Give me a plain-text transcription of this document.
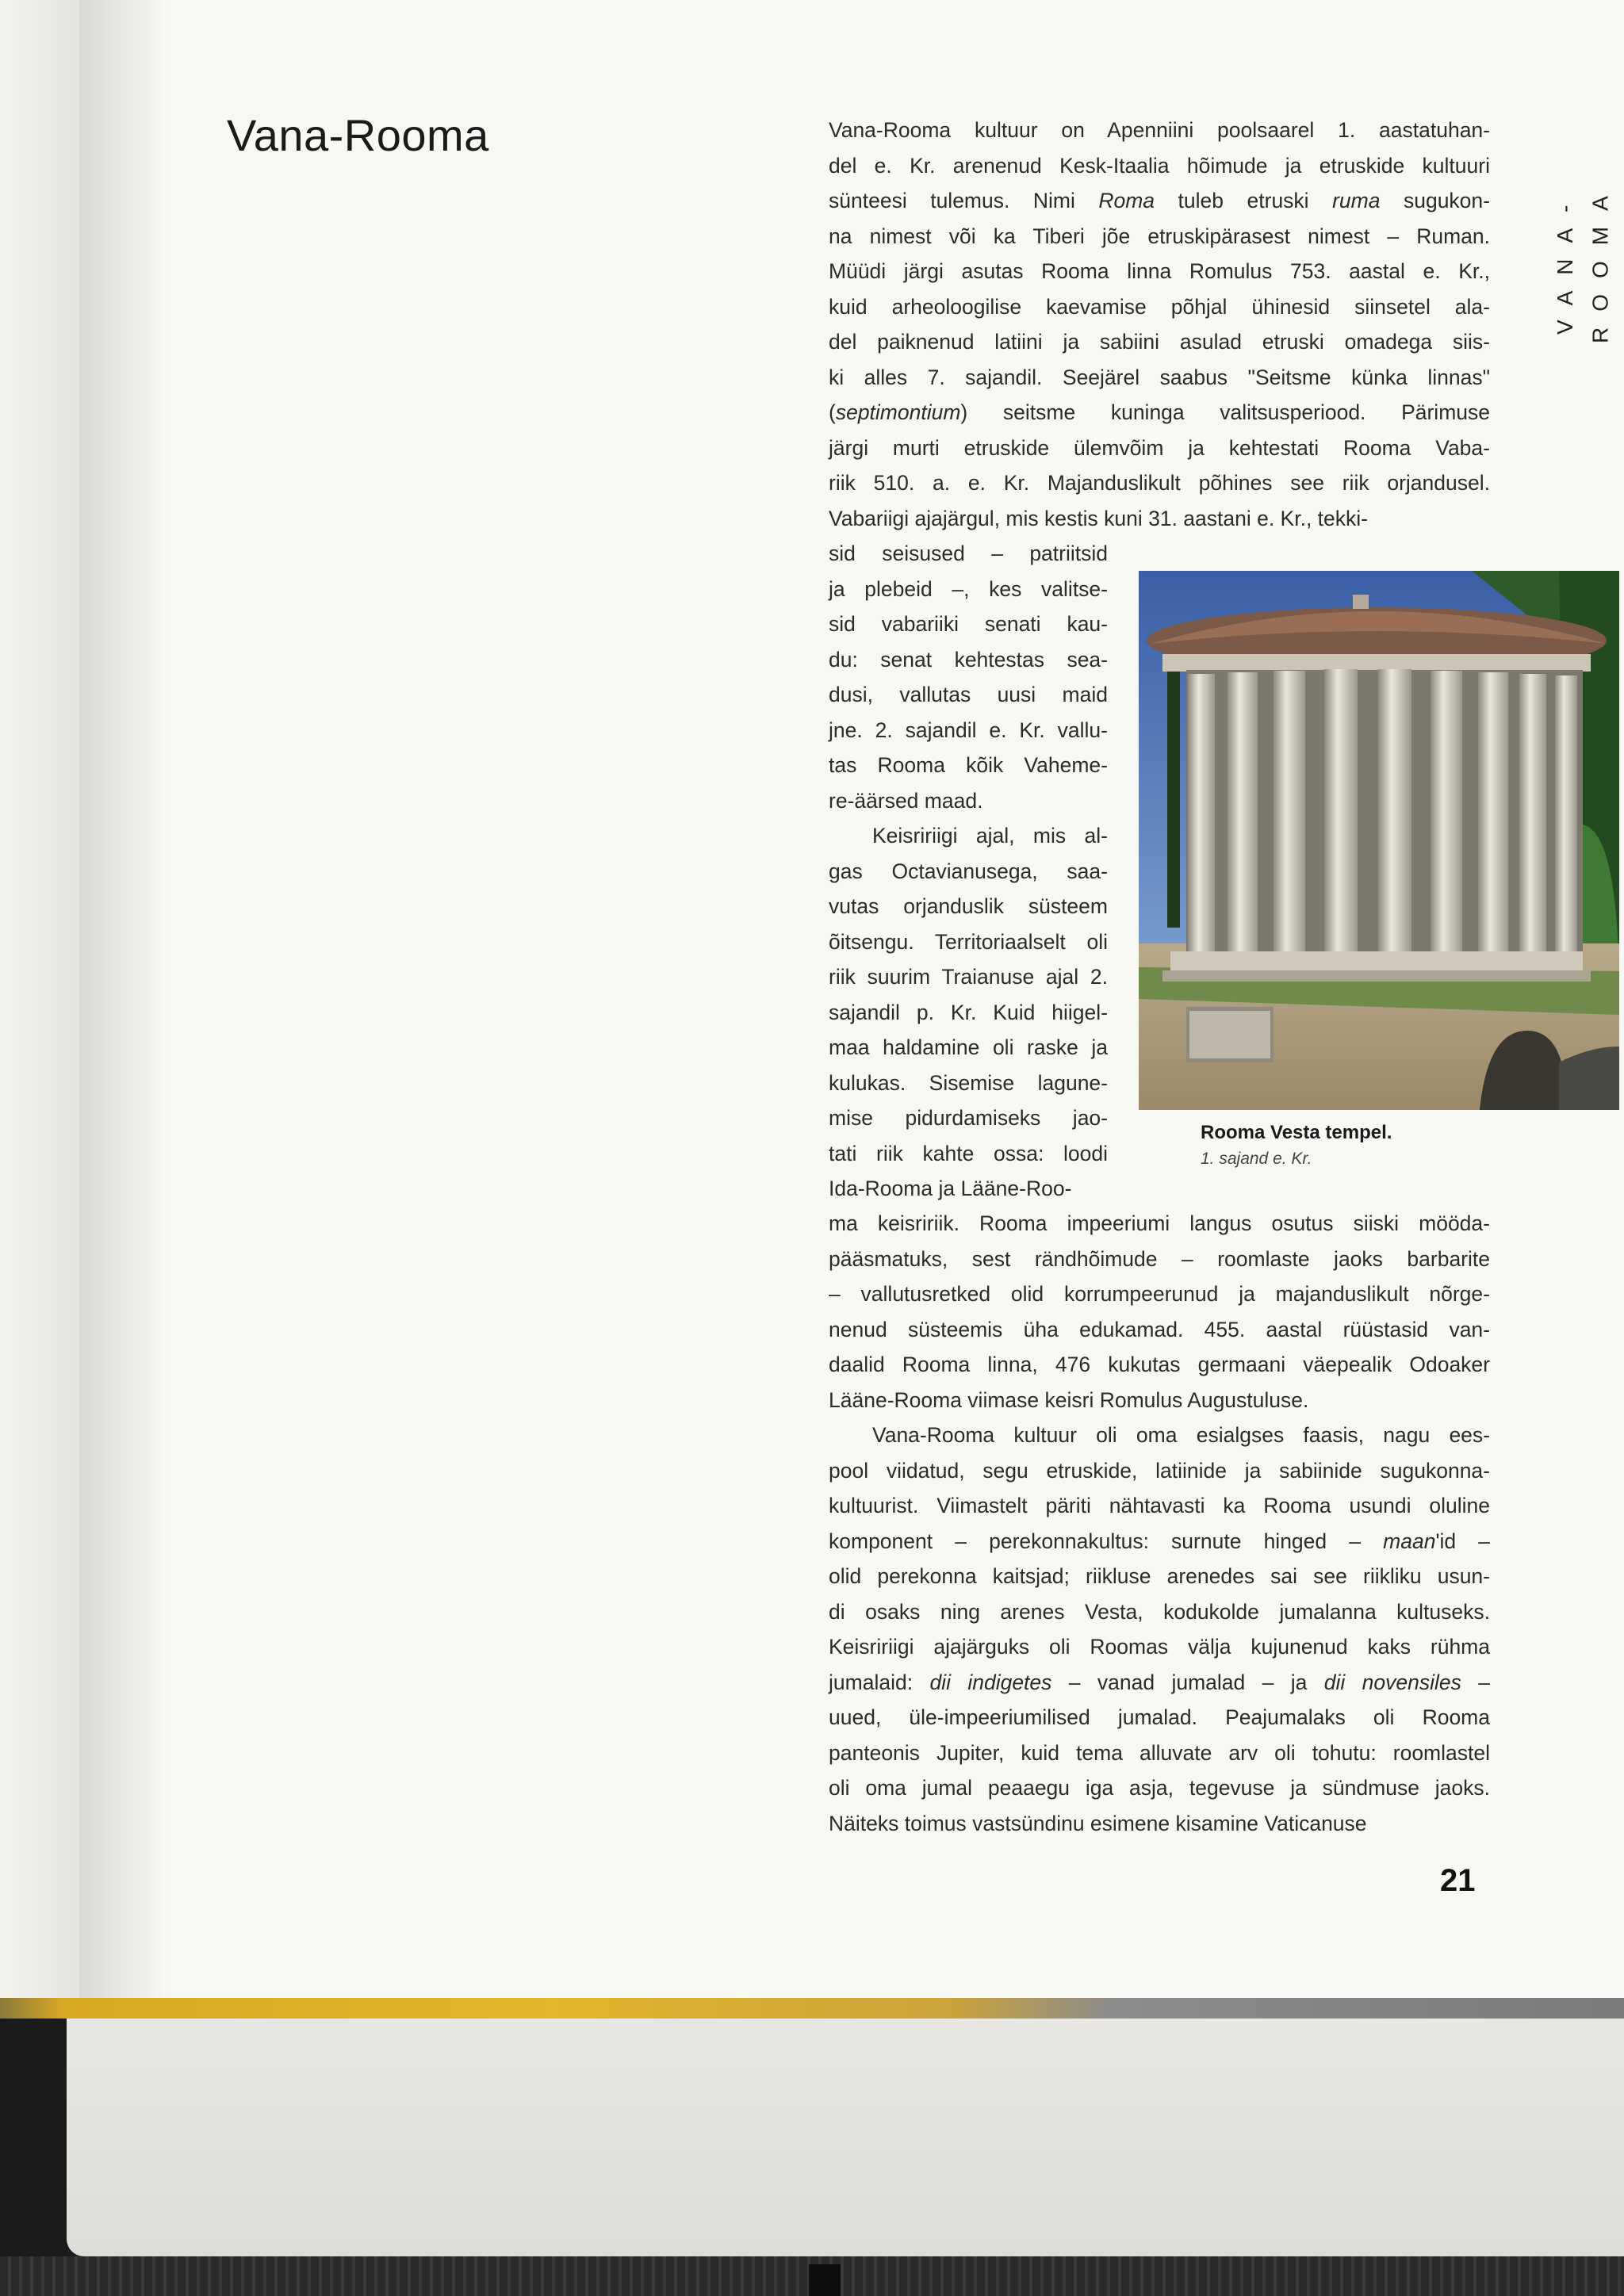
Vana-Rooma
VANA-ROOMA
Vana-Rooma kultuur on Apenniini poolsaarel 1. aastatuhan-
del e. Kr. arenenud Kesk-Itaalia hõimude ja etruskide kultuuri
sünteesi tulemus. Nimi Roma tuleb etruski ruma sugukon-
na nimest või ka Tiberi jõe etruskipärasest nimest – Ruman.
Müüdi järgi asutas Rooma linna Romulus 753. aastal e. Kr.,
kuid arheoloogilise kaevamise põhjal ühinesid siinsetel ala-
del paiknenud latiini ja sabiini asulad etruski omadega siis-
ki alles 7. sajandil. Seejärel saabus "Seitsme künka linnas"
(septimontium) seitsme kuninga valitsusperiood. Pärimuse
järgi murti etruskide ülemvõim ja kehtestati Rooma Vaba-
riik 510. a. e. Kr. Majanduslikult põhines see riik orjandusel.
Vabariigi ajajärgul, mis kestis kuni 31. aastani e. Kr., tekki-
sid seisused – patriitsid
ja plebeid –, kes valitse-
sid vabariiki senati kau-
du: senat kehtestas sea-
dusi, vallutas uusi maid
jne. 2. sajandil e. Kr. vallu-
tas Rooma kõik Vaheme-
re-äärsed maad.
Keisririigi ajal, mis al-
gas Octavianusega, saa-
vutas orjanduslik süsteem
õitsengu. Territoriaalselt oli
riik suurim Traianuse ajal 2.
sajandil p. Kr. Kuid hiigel-
maa haldamine oli raske ja
kulukas. Sisemise lagune-
mise pidurdamiseks jao-
tati riik kahte ossa: loodi
Ida-Rooma ja Lääne-Roo-
ma keisririik. Rooma impeeriumi langus osutus siiski mööda-
pääsmatuks, sest rändhõimude – roomlaste jaoks barbarite
– vallutusretked olid korrumpeerunud ja majanduslikult nõrge-
nenud süsteemis üha edukamad. 455. aastal rüüstasid van-
daalid Rooma linna, 476 kukutas germaani väepealik Odoaker
Lääne-Rooma viimase keisri Romulus Augustuluse.
Vana-Rooma kultuur oli oma esialgses faasis, nagu ees-
pool viidatud, segu etruskide, latiinide ja sabiinide sugukonna-
kultuurist. Viimastelt päriti nähtavasti ka Rooma usundi oluline
komponent – perekonnakultus: surnute hinged – maan'id –
olid perekonna kaitsjad; riikluse arenedes sai see riikliku usun-
di osaks ning arenes Vesta, kodukolde jumalanna kultuseks.
Keisririigi ajajärguks oli Roomas välja kujunenud kaks rühma
jumalaid: dii indigetes – vanad jumalad – ja dii novensiles –
uued, üle-impeeriumilised jumalad. Peajumalaks oli Rooma
panteonis Jupiter, kuid tema alluvate arv oli tohutu: roomlastel
oli oma jumal peaaegu iga asja, tegevuse ja sündmuse jaoks.
Näiteks toimus vastsündinu esimene kisamine Vaticanuse
Rooma Vesta tempel.
1. sajand e. Kr.
21
